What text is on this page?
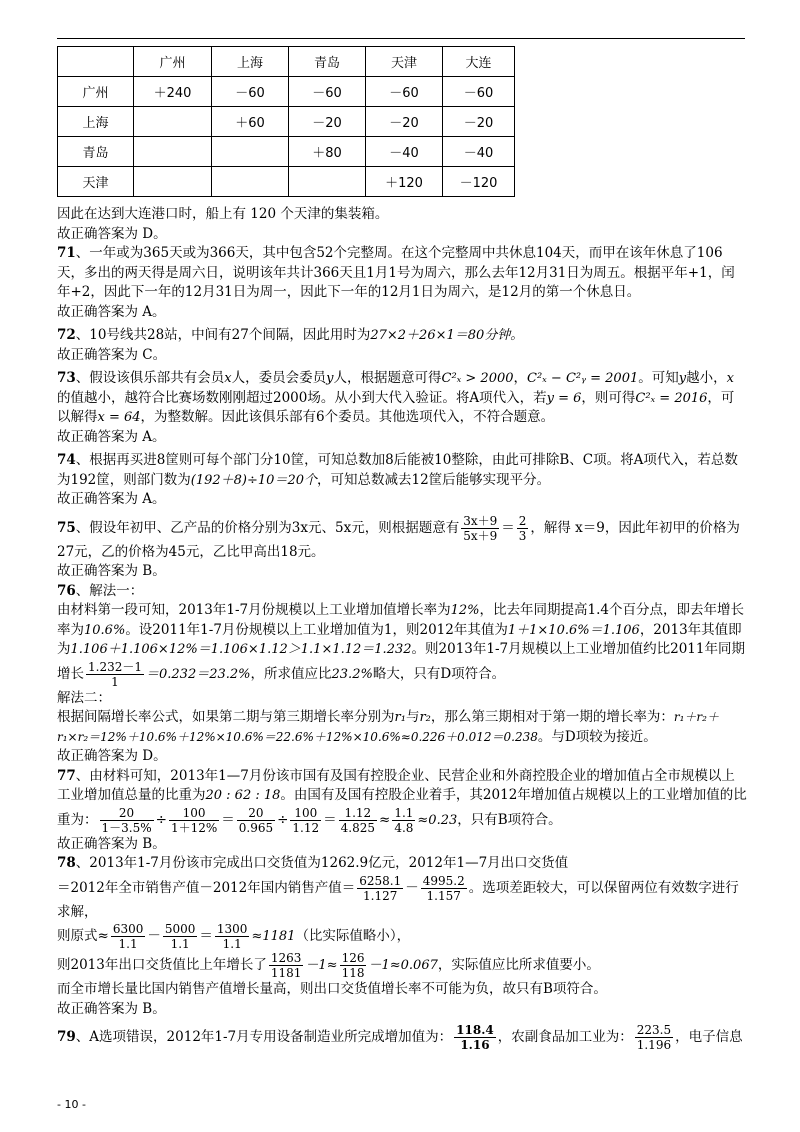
	广州	上海	青岛	天津	大连
广州	＋240	－60	－60	－60	－60
上海		＋60	－20	－20	－20
青岛			＋80	－40	－40
天津				＋120	－120

因此在达到大连港口时，船上有 120 个天津的集装箱。

故正确答案为 D。

71、一年或为365天或为366天，其中包含52个完整周。在这个完整周中共休息104天，而甲在该年休息了106天，多出的两天得是周六日，说明该年共计366天且1月1号为周六，那么去年12月31日为周五。根据平年+1，闰年+2，因此下一年的12月31日为周一，因此下一年的12月1日为周六，是12月的第一个休息日。

故正确答案为 A。

72、10号线共28站，中间有27个间隔，因此用时为27×2＋26×1＝80分钟。

故正确答案为 C。

73、假设该俱乐部共有会员x人，委员会委员y人，根据题意可得C²ₓ > 2000，C²ₓ − C²ᵧ = 2001。可知y越小，x的值越小，越符合比赛场数刚刚超过2000场。从小到大代入验证。将A项代入，若y = 6，则可得C²ₓ = 2016，可以解得x = 64，为整数解。因此该俱乐部有6个委员。其他选项代入，不符合题意。

故正确答案为 A。

74、根据再买进8筐则可每个部门分10筐，可知总数加8后能被10整除，由此可排除B、C项。将A项代入，若总数为192筐，则部门数为(192＋8)÷10＝20个，可知总数减去12筐后能够实现平分。

故正确答案为 A。

75、假设年初甲、乙产品的价格分别为3x元、5x元，则根据题意有 $\frac{3x+9}{5x+9} = \frac{2}{3}$ ，解得 x＝9，因此年初甲的价格为27元，乙的价格为45元，乙比甲高出18元。

故正确答案为 B。

76、解法一：

由材料第一段可知，2013年1-7月份规模以上工业增加值增长率为12%，比去年同期提高1.4个百分点，即去年增长率为10.6%。设2011年1-7月份规模以上工业增加值为1，则2012年其值为1＋1×10.6%＝1.106，2013年其值即为1.106＋1.106×12%＝1.106×1.12＞1.1×1.12＝1.232。则2013年1-7月规模以上工业增加值约比2011年同期增长 $\frac{1.232-1}{1} =0.232=23.2\%$，所求值应比23.2%略大，只有D项符合。

解法二：

根据间隔增长率公式，如果第二期与第三期增长率分别为r₁与r₂，那么第三期相对于第一期的增长率为：r₁＋r₂＋r₁×r₂＝12%＋10.6%＋12%×10.6%＝22.6%＋12%×10.6%≈0.226＋0.012＝0.238。与D项较为接近。

故正确答案为 D。

77、由材料可知，2013年1—7月份该市国有及国有控股企业、民营企业和外商控股企业的增加值占全市规模以上工业增加值总量的比重为20 : 62 : 18。由国有及国有控股企业着手，其2012年增加值占规模以上的工业增加值的比重为： $\frac{20}{1-3.5\%} \div \frac{100}{1+12\%} = \frac{20}{0.965} \div \frac{100}{1.12} = \frac{1.12}{4.825} \approx \frac{1.1}{4.8} \approx 0.23$，只有B项符合。

故正确答案为 B。

78、2013年1-7月份该市完成出口交货值为1262.9亿元，2012年1—7月出口交货值

＝2012年全市销售产值－2012年国内销售产值＝ $\frac{6258.1}{1.127} - \frac{4995.2}{1.157}$ 。选项差距较大，可以保留两位有效数字进行求解，

则原式≈ $\frac{6300}{1.1} - \frac{5000}{1.1} = \frac{1300}{1.1} \approx 1181$（比实际值略小），

则2013年出口交货值比上年增长了 $\frac{1263}{1181} -1\approx \frac{126}{118} -1\approx 0.067$，实际值应比所求值要小。

而全市增长量比国内销售产值增长量高，则出口交货值增长率不可能为负，故只有B项符合。

故正确答案为 B。

79、A选项错误，2012年1-7月专用设备制造业所完成增加值为： $\frac{118.4}{1.16}$ ，农副食品加工业为： $\frac{223.5}{1.196}$ ，电子信息

- 10 -
